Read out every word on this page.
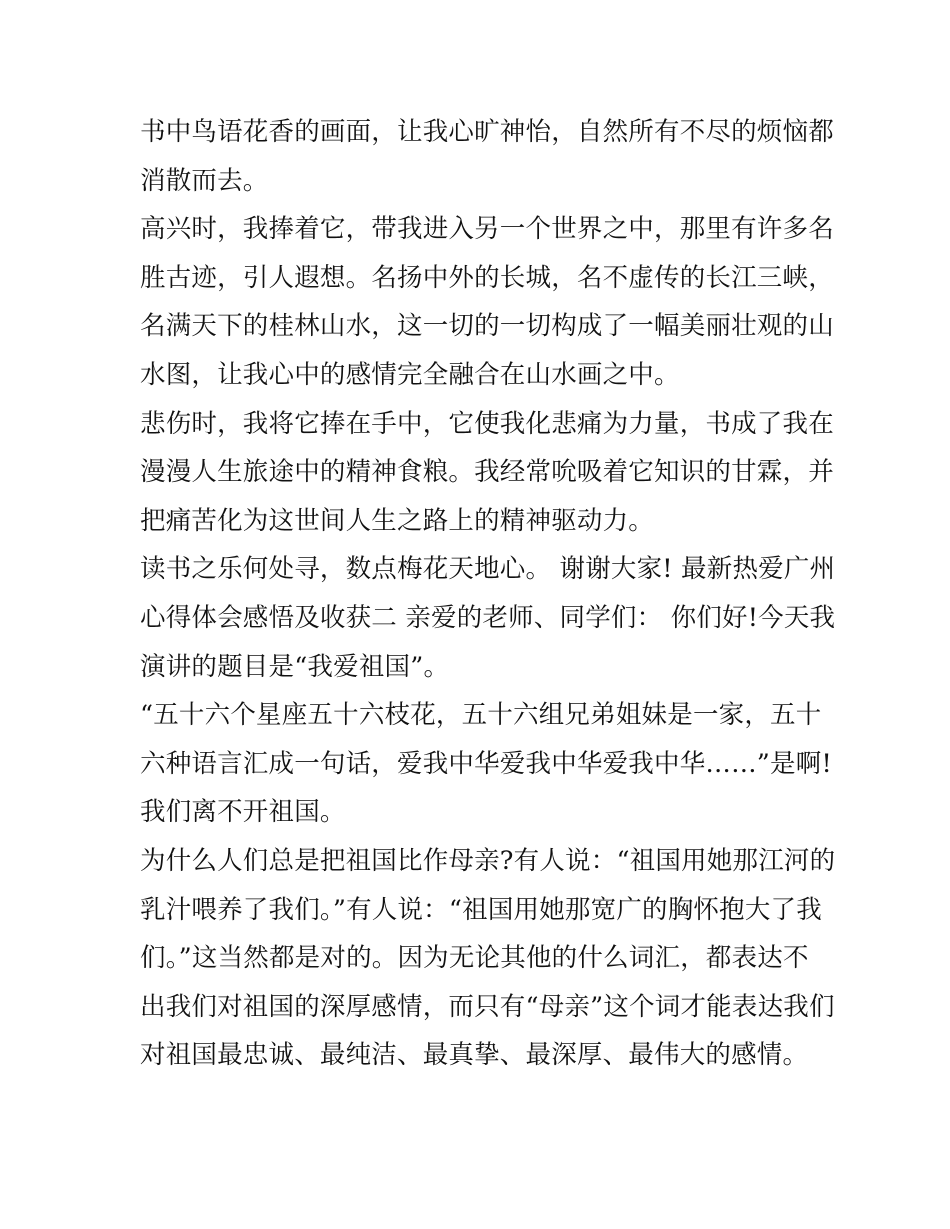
书中鸟语花香的画面，让我心旷神怡，自然所有不尽的烦恼都
消散而去。
高兴时，我捧着它，带我进入另一个世界之中，那里有许多名
胜古迹，引人遐想。名扬中外的长城，名不虚传的长江三峡，
名满天下的桂林山水，这一切的一切构成了一幅美丽壮观的山
水图，让我心中的感情完全融合在山水画之中。
悲伤时，我将它捧在手中，它使我化悲痛为力量，书成了我在
漫漫人生旅途中的精神食粮。我经常吮吸着它知识的甘霖，并
把痛苦化为这世间人生之路上的精神驱动力。
读书之乐何处寻，数点梅花天地心。 谢谢大家! 最新热爱广州
心得体会感悟及收获二 亲爱的老师、同学们： 你们好!今天我
演讲的题目是“我爱祖国”。
“五十六个星座五十六枝花，五十六组兄弟姐妹是一家，五十
六种语言汇成一句话，爱我中华爱我中华爱我中华……”是啊!
我们离不开祖国。
为什么人们总是把祖国比作母亲?有人说：“祖国用她那江河的
乳汁喂养了我们。”有人说：“祖国用她那宽广的胸怀抱大了我
们。”这当然都是对的。因为无论其他的什么词汇，都表达不
出我们对祖国的深厚感情，而只有“母亲”这个词才能表达我们
对祖国最忠诚、最纯洁、最真挚、最深厚、最伟大的感情。
